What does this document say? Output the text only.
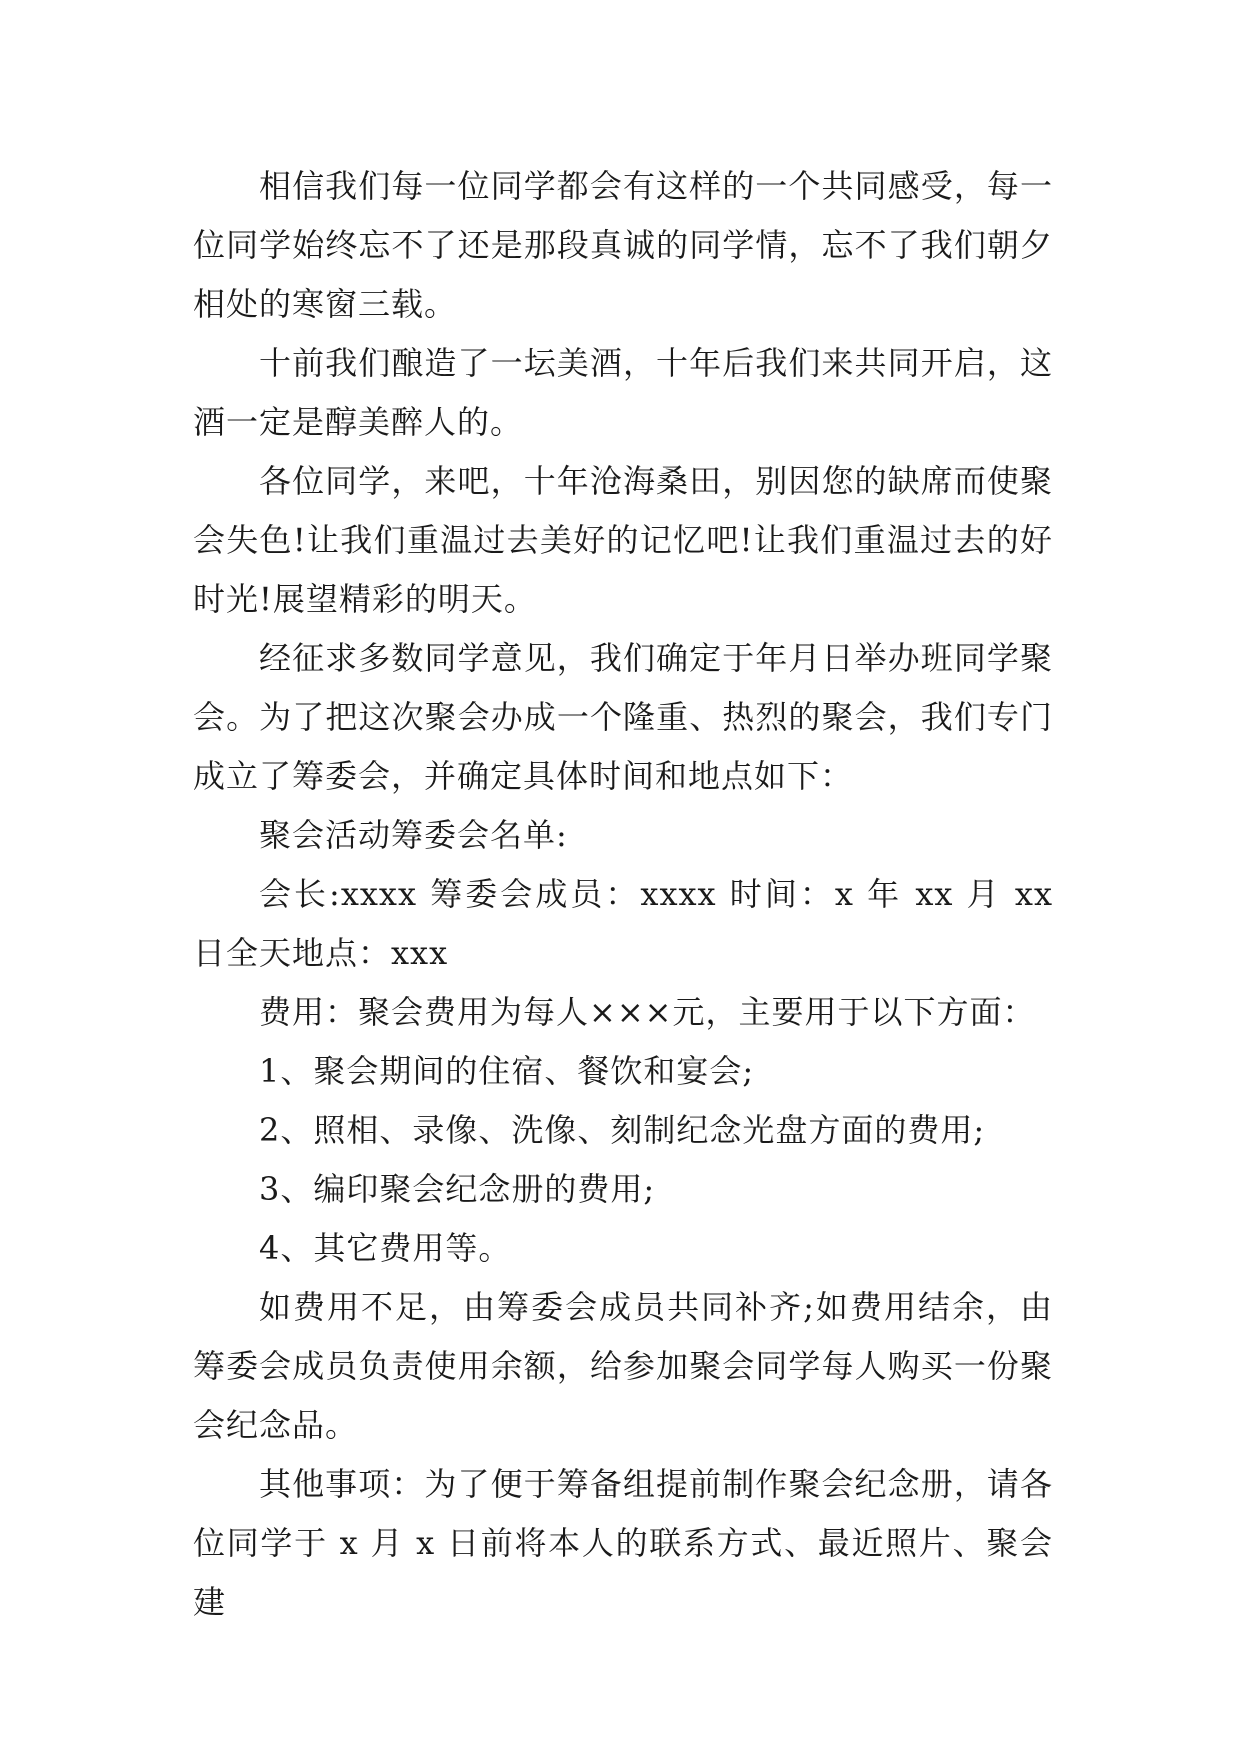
相信我们每一位同学都会有这样的一个共同感受，每一位同学始终忘不了还是那段真诚的同学情，忘不了我们朝夕相处的寒窗三载。

十前我们酿造了一坛美酒，十年后我们来共同开启，这酒一定是醇美醉人的。

各位同学，来吧，十年沧海桑田，别因您的缺席而使聚会失色!让我们重温过去美好的记忆吧!让我们重温过去的好时光!展望精彩的明天。

经征求多数同学意见，我们确定于年月日举办班同学聚会。为了把这次聚会办成一个隆重、热烈的聚会，我们专门成立了筹委会，并确定具体时间和地点如下：

聚会活动筹委会名单:

会长:xxxx 筹委会成员：xxxx 时间：x 年 xx 月 xx 日全天地点：xxx

费用：聚会费用为每人×××元，主要用于以下方面：

1、聚会期间的住宿、餐饮和宴会;

2、照相、录像、洗像、刻制纪念光盘方面的费用;

3、编印聚会纪念册的费用;

4、其它费用等。

如费用不足，由筹委会成员共同补齐;如费用结余，由筹委会成员负责使用余额，给参加聚会同学每人购买一份聚会纪念品。

其他事项：为了便于筹备组提前制作聚会纪念册，请各位同学于 x 月 x 日前将本人的联系方式、最近照片、聚会建
